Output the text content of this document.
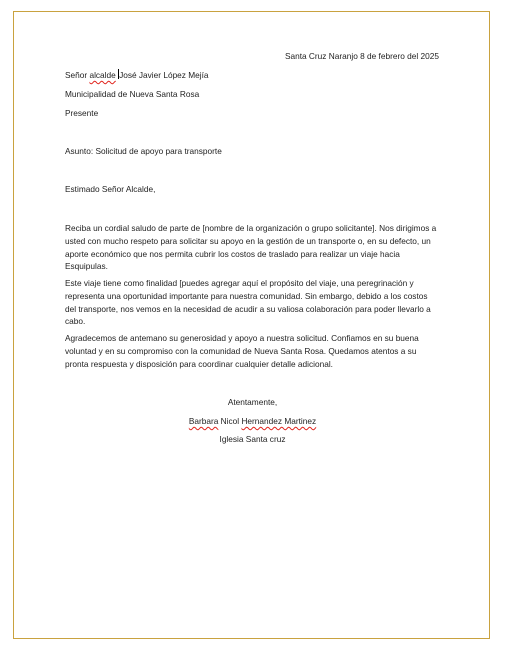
Santa Cruz Naranjo 8 de febrero del 2025
Señor alcalde José Javier López Mejía
Municipalidad de Nueva Santa Rosa
Presente
Asunto: Solicitud de apoyo para transporte
Estimado Señor Alcalde,

Reciba un cordial saludo de parte de [nombre de la organización o grupo solicitante]. Nos dirigimos a usted con mucho respeto para solicitar su apoyo en la gestión de un transporte o, en su defecto, un aporte económico que nos permita cubrir los costos de traslado para realizar un viaje hacia Esquipulas.

Este viaje tiene como finalidad [puedes agregar aquí el propósito del viaje, una peregrinación y representa una oportunidad importante para nuestra comunidad. Sin embargo, debido a los costos del transporte, nos vemos en la necesidad de acudir a su valiosa colaboración para poder llevarlo a cabo.

Agradecemos de antemano su generosidad y apoyo a nuestra solicitud. Confiamos en su buena voluntad y en su compromiso con la comunidad de Nueva Santa Rosa. Quedamos atentos a su pronta respuesta y disposición para coordinar cualquier detalle adicional.

Atentamente,
Barbara Nicol Hernandez Martinez
Iglesia Santa cruz
